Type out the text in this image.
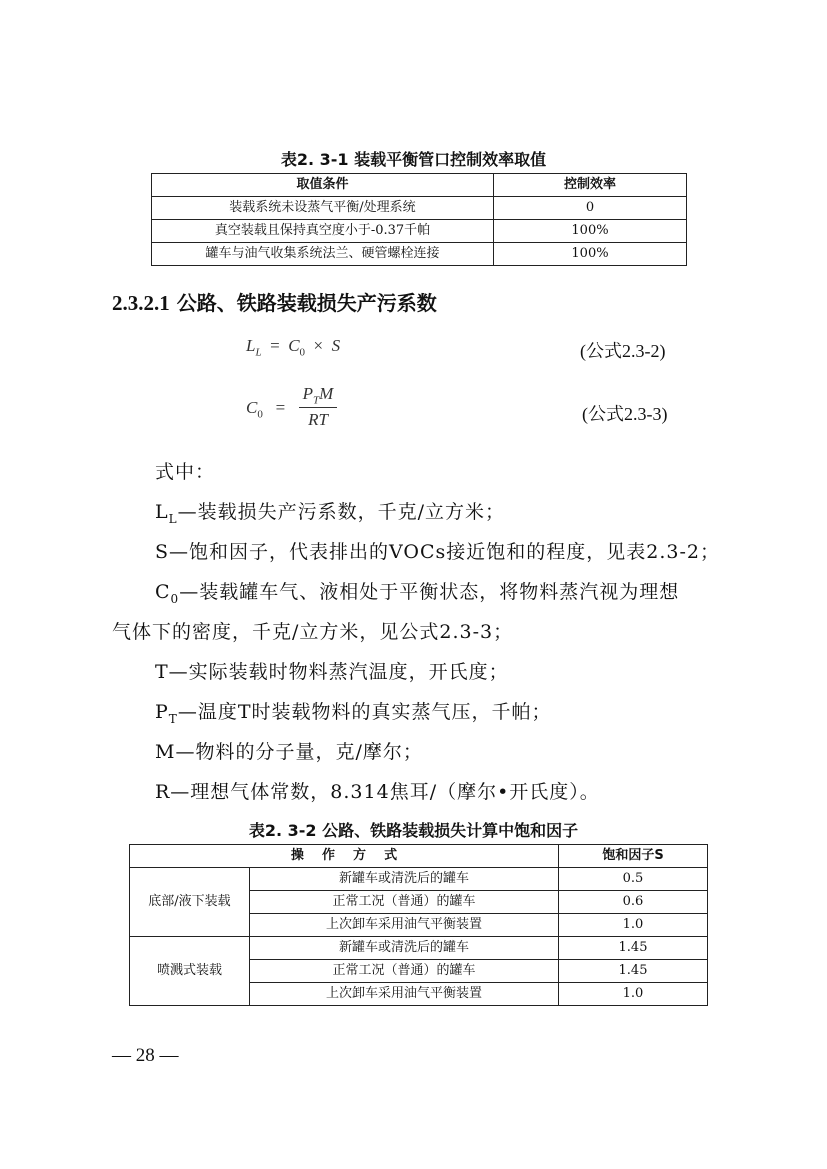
表2. 3-1 装载平衡管口控制效率取值
取值条件	控制效率
装载系统未设蒸气平衡/处理系统	0
真空装载且保持真空度小于-0.37千帕	100%
罐车与油气收集系统法兰、硬管螺栓连接	100%
2.3.2.1 公路、铁路装载损失产污系数
$L_L = C_0 \times S$	(公式2.3-2)
$C_0$ =
$P_TM$
RT	(公式2.3-3)
式中：
$L_L—$装载损失产污系数，千克/立方米；
S—饱和因子，代表排出的VOCs接近饱和的程度，见表2.3-2；
$C_0—$装载罐车气、液相处于平衡状态，将物料蒸汽视为理想
气体下的密度，千克/立方米，见公式2.3-3；
T—实际装载时物料蒸汽温度，开氏度；
$P_T—$温度T时装载物料的真实蒸气压，千帕；
M—物料的分子量，克/摩尔；
R—理想气体常数，8.314焦耳/（摩尔•开氏度）。
表2. 3-2 公路、铁路装载损失计算中饱和因子
操    作    方    式		饱和因子S
底部/液下装载	新罐车或清洗后的罐车	0.5
	正常工况（普通）的罐车	0.6
	上次卸车采用油气平衡装置	1.0
喷溅式装载	新罐车或清洗后的罐车	1.45
	正常工况（普通）的罐车	1.45
	上次卸车采用油气平衡装置	1.0
— 28 —
